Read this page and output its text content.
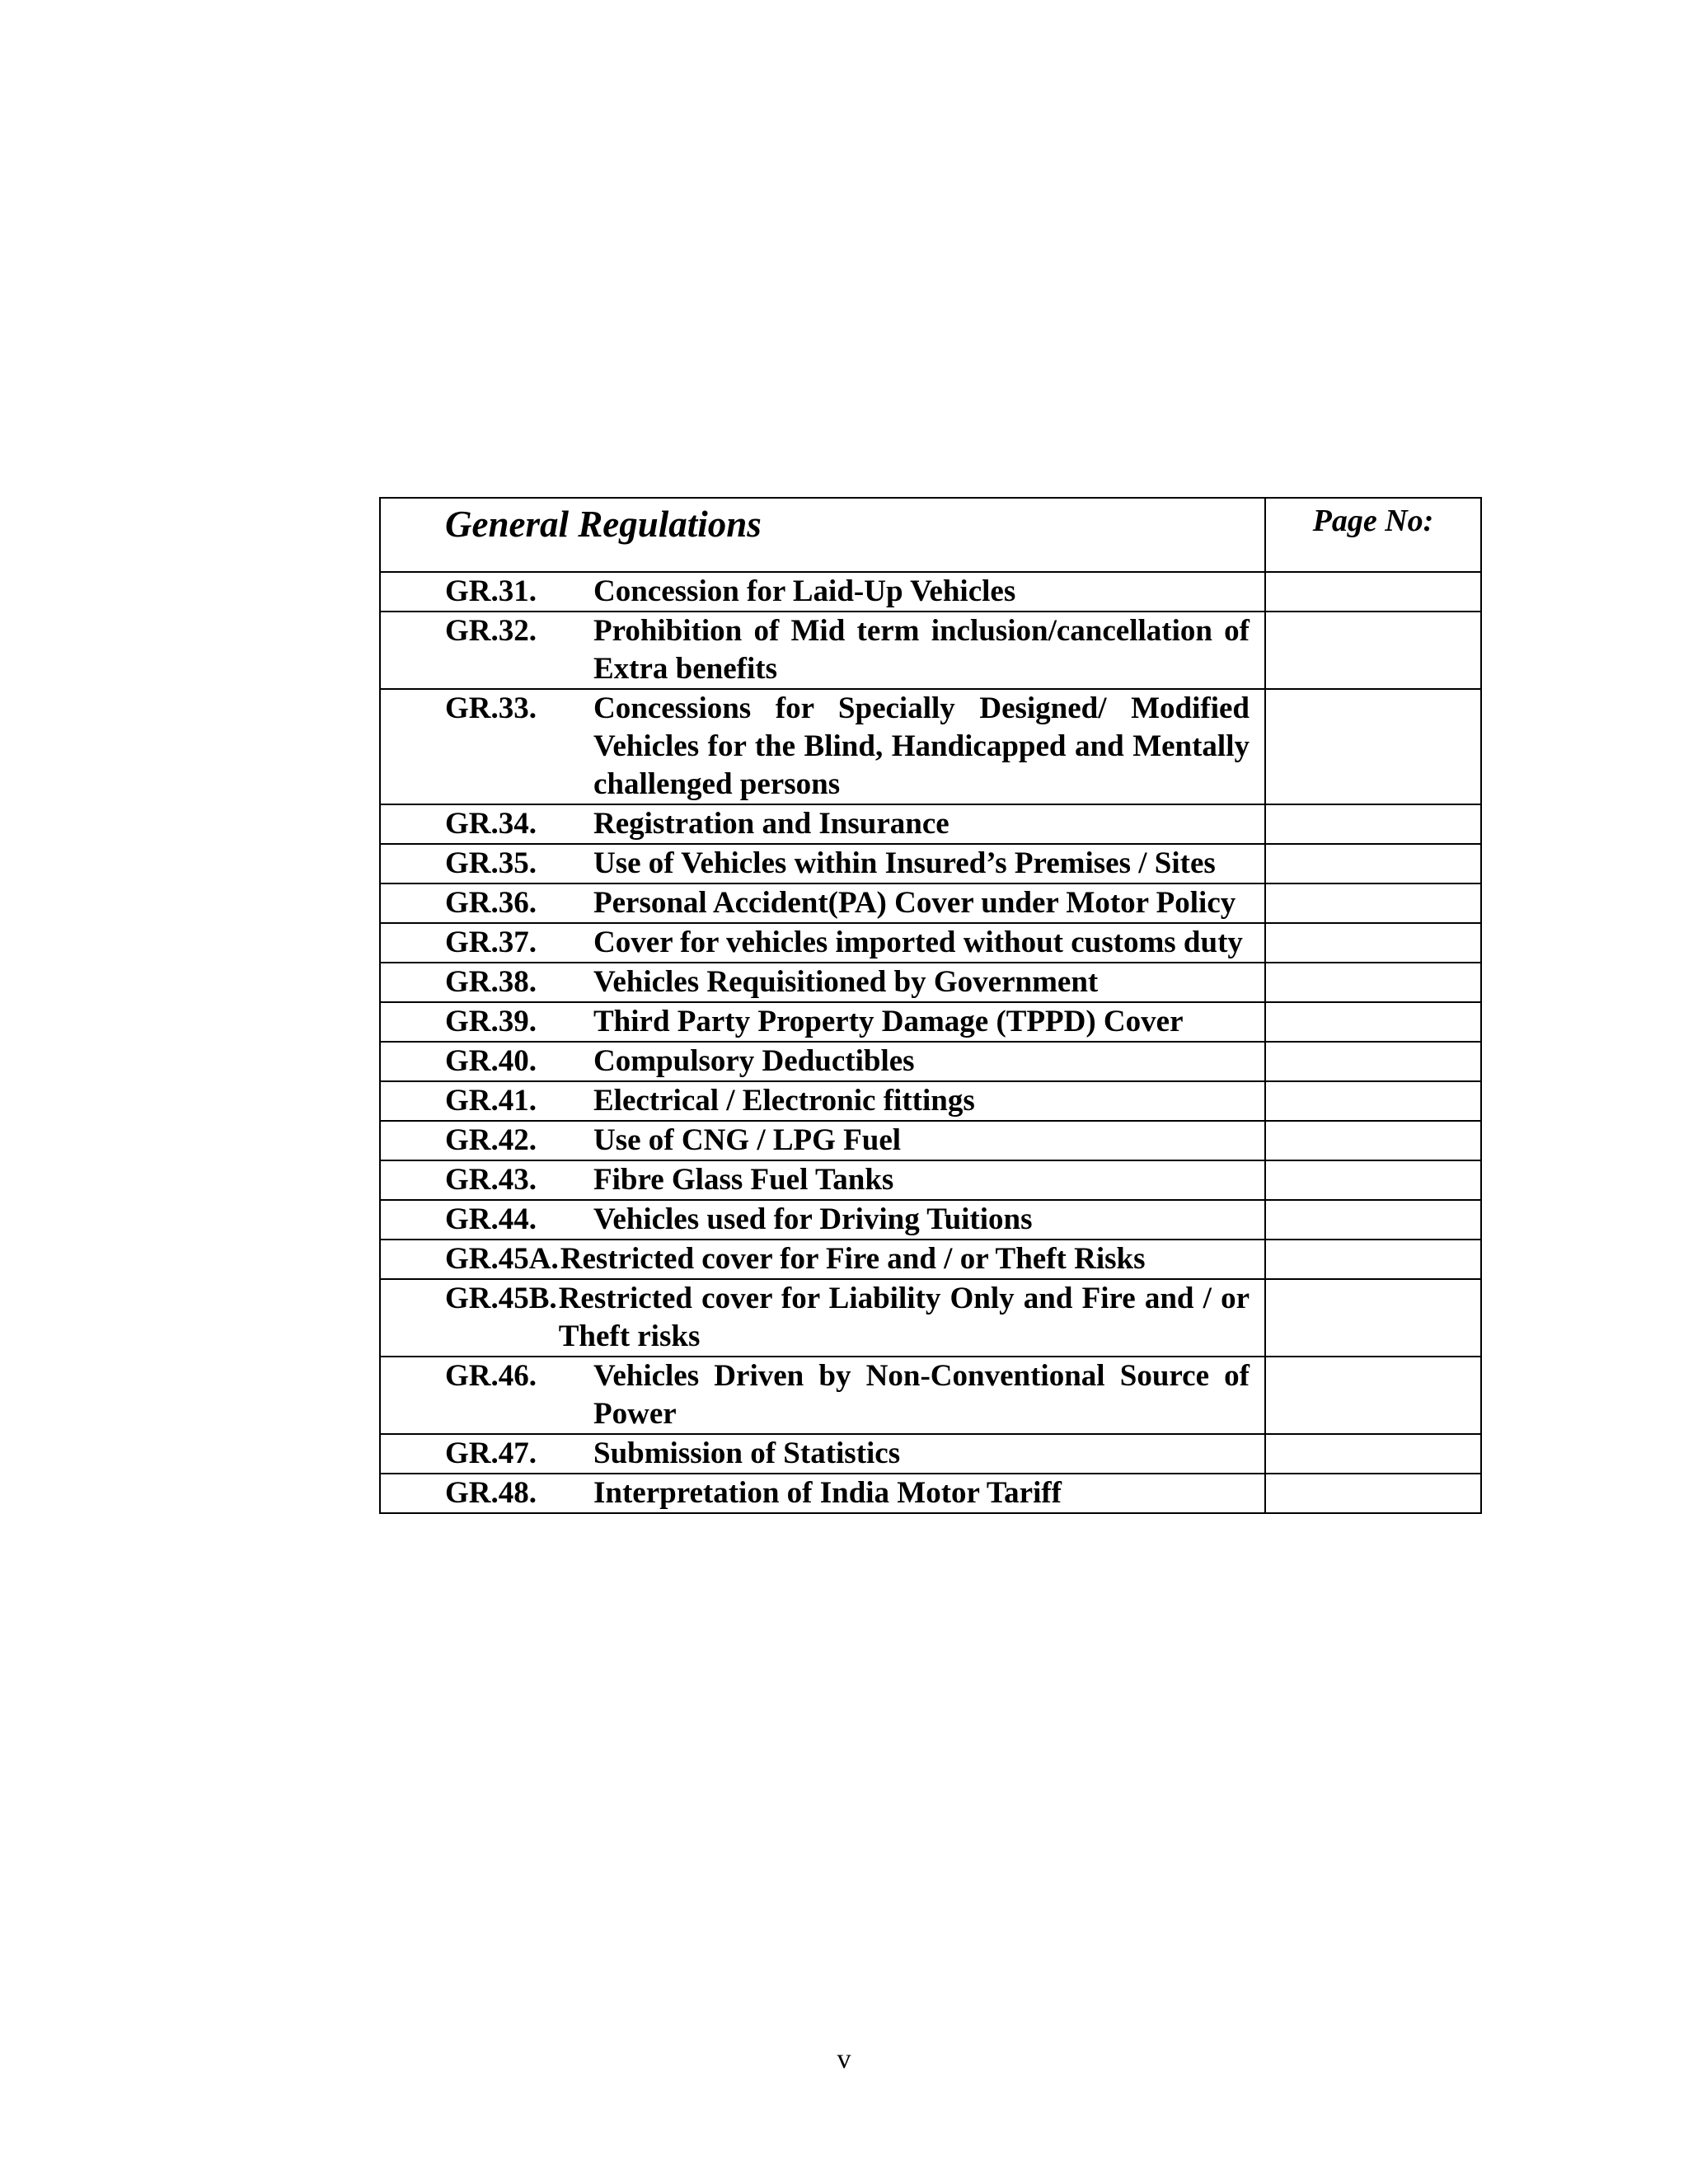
General Regulations	Page No:

GR.31. Concession for Laid-Up Vehicles	

GR.32. Prohibition of Mid term inclusion/cancellation of Extra benefits	

GR.33. Concessions for Specially Designed/ Modified Vehicles for the Blind, Handicapped and Mentally challenged persons	

GR.34. Registration and Insurance	

GR.35. Use of Vehicles within Insured’s Premises / Sites	

GR.36. Personal Accident(PA) Cover under Motor Policy	

GR.37. Cover for vehicles imported without customs duty	

GR.38. Vehicles Requisitioned by Government	

GR.39. Third Party Property Damage (TPPD) Cover	

GR.40. Compulsory Deductibles	

GR.41. Electrical / Electronic fittings	

GR.42. Use of CNG / LPG Fuel	

GR.43. Fibre Glass Fuel Tanks	

GR.44. Vehicles used for Driving Tuitions	

GR.45A. Restricted cover for Fire and / or Theft Risks	

GR.45B. Restricted cover for Liability Only and Fire and / or Theft risks	

GR.46. Vehicles Driven by Non-Conventional Source of Power	

GR.47. Submission of Statistics	

GR.48. Interpretation of India Motor Tariff	

v
